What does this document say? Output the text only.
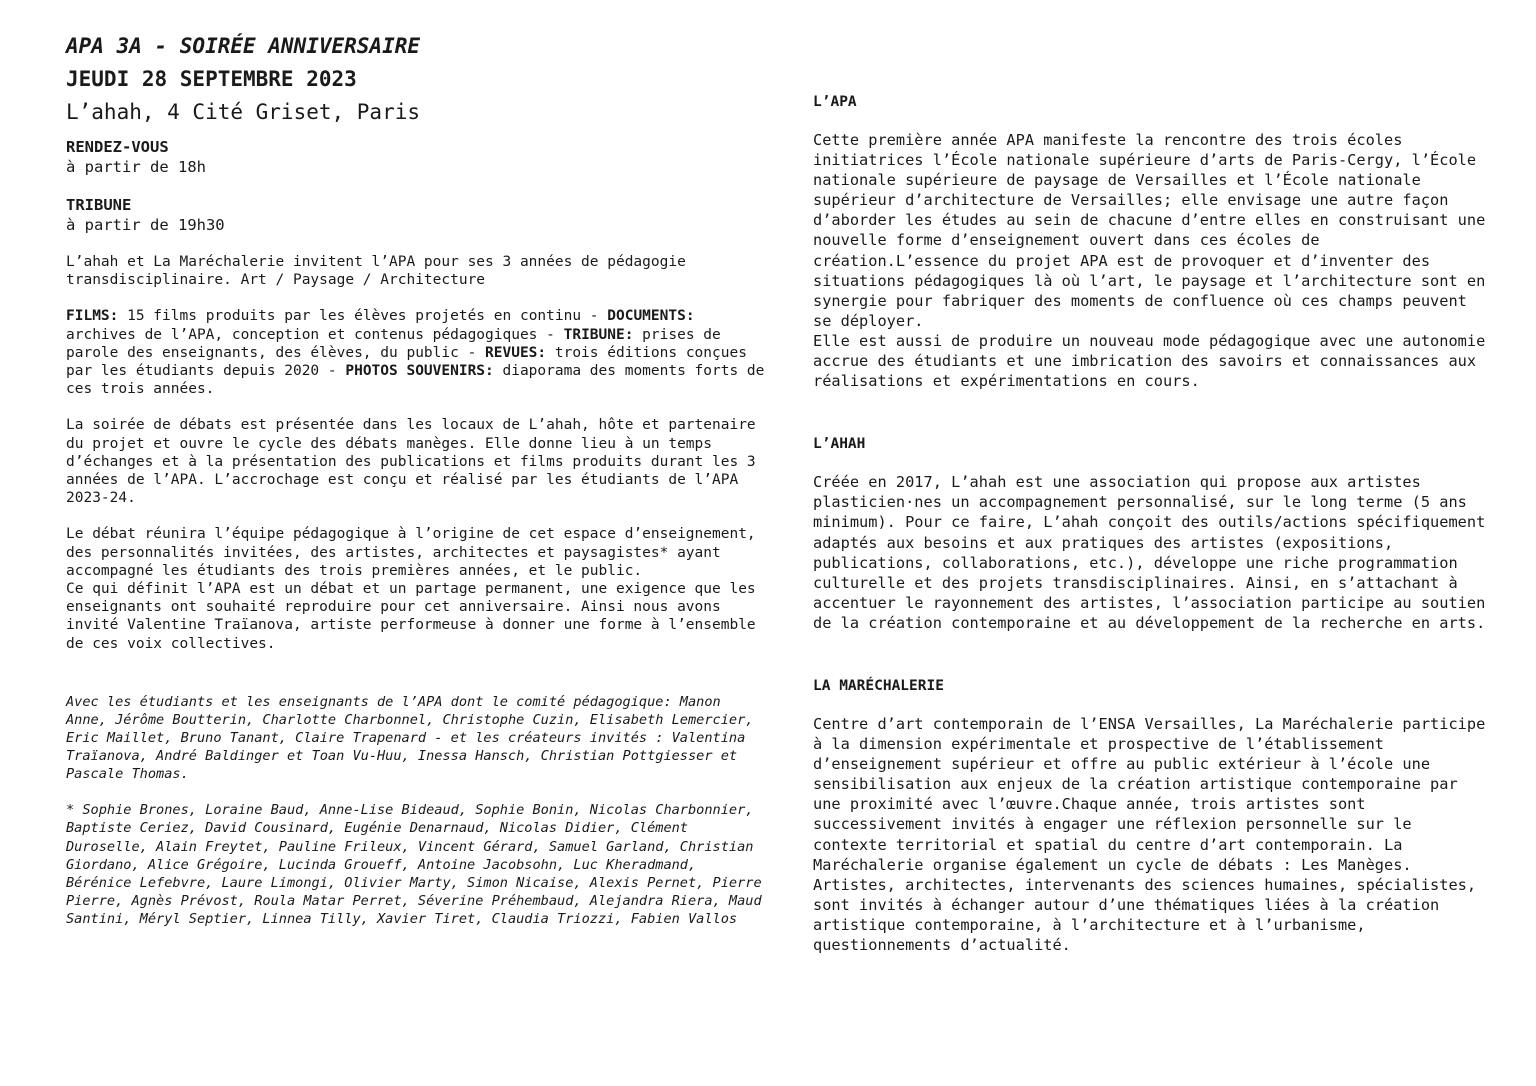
APA 3A - SOIRÉE ANNIVERSAIRE
JEUDI 28 SEPTEMBRE 2023
L’ahah, 4 Cité Griset, Paris
RENDEZ-VOUS
à partir de 18h
TRIBUNE
à partir de 19h30

L’ahah et La Maréchalerie invitent l’APA pour ses 3 années de pédagogie transdisciplinaire. Art / Paysage / Architecture

FILMS: 15 films produits par les élèves projetés en continu - DOCUMENTS: archives de l’APA, conception et contenus pédagogiques - TRIBUNE: prises de parole des enseignants, des élèves, du public - REVUES: trois éditions conçues par les étudiants depuis 2020 - PHOTOS SOUVENIRS: diaporama des moments forts de ces trois années.

La soirée de débats est présentée dans les locaux de L’ahah, hôte et partenaire du projet et ouvre le cycle des débats manèges. Elle donne lieu à un temps d’échanges et à la présentation des publications et films produits durant les 3 années de l’APA. L’accrochage est conçu et réalisé par les étudiants de l’APA 2023-24.

Le débat réunira l’équipe pédagogique à l’origine de cet espace d’enseignement, des personnalités invitées, des artistes, architectes et paysagistes* ayant accompagné les étudiants des trois premières années, et le public.

Ce qui définit l’APA est un débat et un partage permanent, une exigence que les enseignants ont souhaité reproduire pour cet anniversaire. Ainsi nous avons invité Valentine Traïanova, artiste performeuse à donner une forme à l’ensemble de ces voix collectives.

Avec les étudiants et les enseignants de l’APA dont le comité pédagogique: Manon Anne, Jérôme Boutterin, Charlotte Charbonnel, Christophe Cuzin, Elisabeth Lemercier, Eric Maillet, Bruno Tanant, Claire Trapenard - et les créateurs invités : Valentina Traïanova, André Baldinger et Toan Vu-Huu, Inessa Hansch, Christian Pottgiesser et Pascale Thomas.

* Sophie Brones, Loraine Baud, Anne-Lise Bideaud, Sophie Bonin, Nicolas Charbonnier, Baptiste Ceriez, David Cousinard, Eugénie Denarnaud, Nicolas Didier, Clément Duroselle, Alain Freytet, Pauline Frileux, Vincent Gérard, Samuel Garland, Christian Giordano, Alice Grégoire, Lucinda Groueff, Antoine Jacobsohn, Luc Kheradmand, Bérénice Lefebvre, Laure Limongi, Olivier Marty, Simon Nicaise, Alexis Pernet, Pierre Pierre, Agnès Prévost, Roula Matar Perret, Séverine Préhembaud, Alejandra Riera, Maud Santini, Méryl Septier, Linnea Tilly, Xavier Tiret, Claudia Triozzi, Fabien Vallos

L’APA

Cette première année APA manifeste la rencontre des trois écoles initiatrices l’École nationale supérieure d’arts de Paris-Cergy, l’École nationale supérieure de paysage de Versailles et l’École nationale supérieur d’architecture de Versailles; elle envisage une autre façon d’aborder les études au sein de chacune d’entre elles en construisant une nouvelle forme d’enseignement ouvert dans ces écoles de création.L’essence du projet APA est de provoquer et d’inventer des situations pédagogiques là où l’art, le paysage et l’architecture sont en synergie pour fabriquer des moments de confluence où ces champs peuvent se déployer.

Elle est aussi de produire un nouveau mode pédagogique avec une autonomie accrue des étudiants et une imbrication des savoirs et connaissances aux réalisations et expérimentations en cours.

L’AHAH

Créée en 2017, L’ahah est une association qui propose aux artistes plasticien·nes un accompagnement personnalisé, sur le long terme (5 ans minimum). Pour ce faire, L’ahah conçoit des outils/actions spécifiquement adaptés aux besoins et aux pratiques des artistes (expositions, publications, collaborations, etc.), développe une riche programmation culturelle et des projets transdisciplinaires. Ainsi, en s’attachant à accentuer le rayonnement des artistes, l’association participe au soutien de la création contemporaine et au développement de la recherche en arts.

LA MARÉCHALERIE

Centre d’art contemporain de l’ENSA Versailles, La Maréchalerie participe à la dimension expérimentale et prospective de l’établissement d’enseignement supérieur et offre au public extérieur à l’école une sensibilisation aux enjeux de la création artistique contemporaine par une proximité avec l’œuvre.Chaque année, trois artistes sont successivement invités à engager une réflexion personnelle sur le contexte territorial et spatial du centre d’art contemporain. La Maréchalerie organise également un cycle de débats : Les Manèges. Artistes, architectes, intervenants des sciences humaines, spécialistes, sont invités à échanger autour d’une thématiques liées à la création artistique contemporaine, à l’architecture et à l’urbanisme, questionnements d’actualité.
